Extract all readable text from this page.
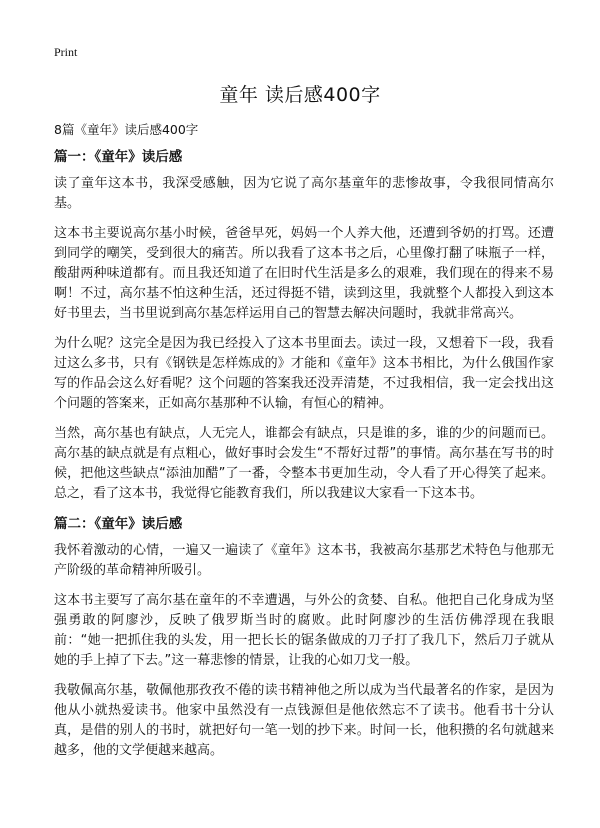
Print
童年 读后感400字
8篇《童年》读后感400字
篇一：《童年》读后感

读了童年这本书，我深受感触，因为它说了高尔基童年的悲惨故事，令我很同情高尔基。

这本书主要说高尔基小时候，爸爸早死，妈妈一个人养大他，还遭到爷奶的打骂。还遭到同学的嘲笑，受到很大的痛苦。所以我看了这本书之后，心里像打翻了味瓶子一样，酸甜两种味道都有。而且我还知道了在旧时代生活是多么的艰难，我们现在的得来不易啊！不过，高尔基不怕这种生活，还过得挺不错，读到这里，我就整个人都投入到这本好书里去，当书里说到高尔基怎样运用自己的智慧去解决问题时，我就非常高兴。

为什么呢？这完全是因为我已经投入了这本书里面去。读过一段，又想着下一段，我看过这么多书，只有《钢铁是怎样炼成的》才能和《童年》这本书相比，为什么俄国作家写的作品会这么好看呢？这个问题的答案我还没弄清楚，不过我相信，我一定会找出这个问题的答案来，正如高尔基那种不认输，有恒心的精神。

当然，高尔基也有缺点，人无完人，谁都会有缺点，只是谁的多，谁的少的问题而已。高尔基的缺点就是有点粗心，做好事时会发生“不帮好过帮”的事情。高尔基在写书的时候，把他这些缺点“添油加醋”了一番，令整本书更加生动，令人看了开心得笑了起来。总之，看了这本书，我觉得它能教育我们，所以我建议大家看一下这本书。

篇二：《童年》读后感

我怀着激动的心情，一遍又一遍读了《童年》这本书，我被高尔基那艺术特色与他那无产阶级的革命精神所吸引。

这本书主要写了高尔基在童年的不幸遭遇，与外公的贪婪、自私。他把自己化身成为坚强勇敢的阿廖沙，反映了俄罗斯当时的腐败。此时阿廖沙的生活仿佛浮现在我眼前：“她一把抓住我的头发，用一把长长的锯条做成的刀子打了我几下，然后刀子就从她的手上掉了下去。”这一幕悲惨的情景，让我的心如刀戈一般。

我敬佩高尔基，敬佩他那孜孜不倦的读书精神他之所以成为当代最著名的作家，是因为他从小就热爱读书。他家中虽然没有一点钱源但是他依然忘不了读书。他看书十分认真，是借的别人的书时，就把好句一笔一划的抄下来。时间一长，他积攒的名句就越来越多，他的文学便越来越高。
